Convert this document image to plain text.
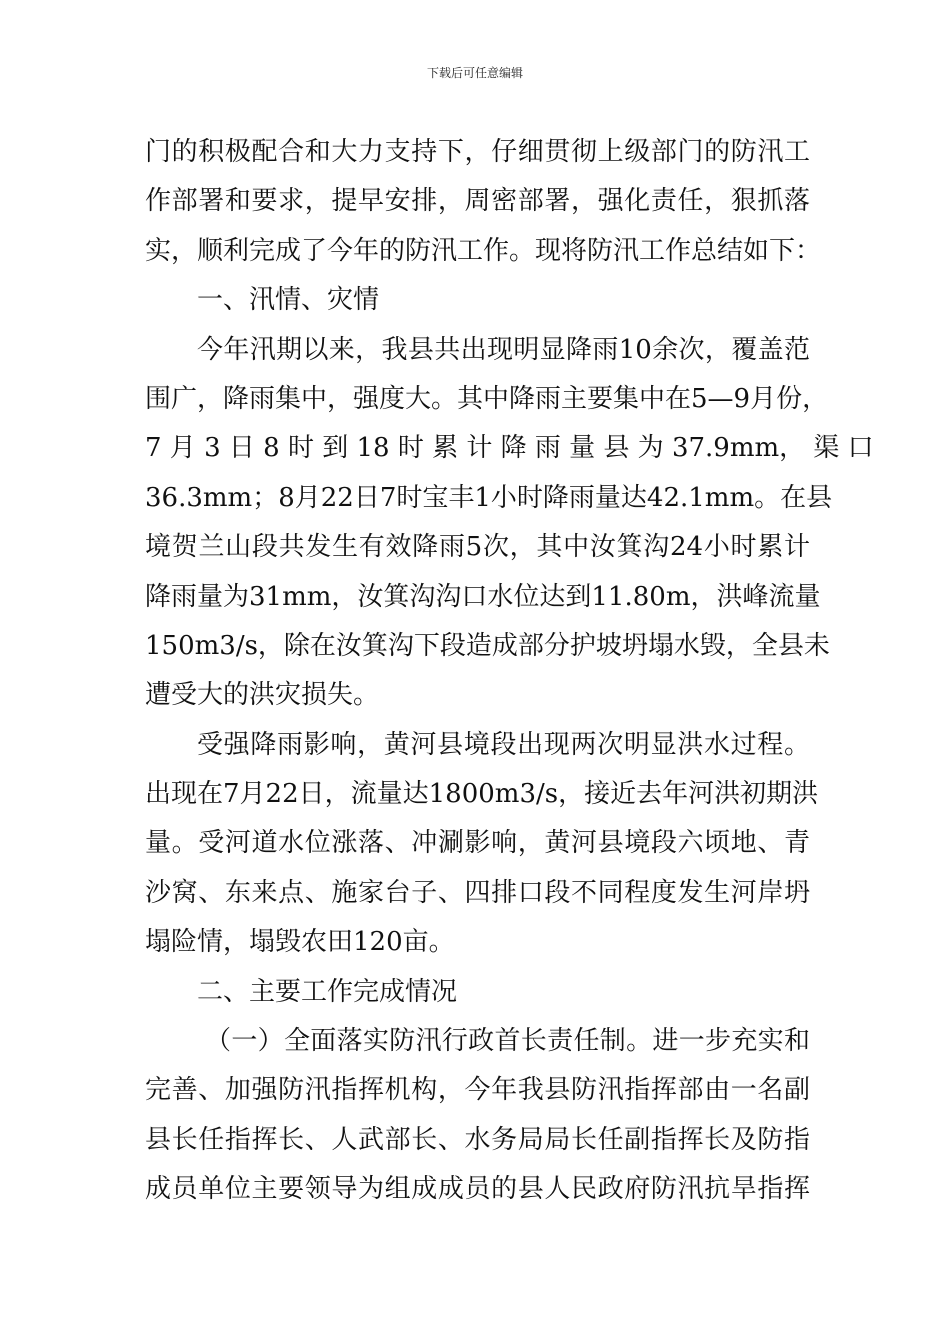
下载后可任意编辑
门的积极配合和大力支持下，仔细贯彻上级部门的防汛工
作部署和要求，提早安排，周密部署，强化责任，狠抓落
实，顺利完成了今年的防汛工作。现将防汛工作总结如下：
一、汛情、灾情
今年汛期以来，我县共出现明显降雨10余次，覆盖范
围广，降雨集中，强度大。其中降雨主要集中在5—9月份，
7 月 3 日 8 时 到 18 时 累 计 降 雨 量 县 为 37.9mm， 渠 口
36.3mm；8月22日7时宝丰1小时降雨量达42.1mm。在县
境贺兰山段共发生有效降雨5次，其中汝箕沟24小时累计
降雨量为31mm，汝箕沟沟口水位达到11.80m，洪峰流量
150m3/s，除在汝箕沟下段造成部分护坡坍塌水毁，全县未
遭受大的洪灾损失。
受强降雨影响，黄河县境段出现两次明显洪水过程。
出现在7月22日，流量达1800m3/s，接近去年河洪初期洪
量。受河道水位涨落、冲涮影响，黄河县境段六顷地、青
沙窝、东来点、施家台子、四排口段不同程度发生河岸坍
塌险情，塌毁农田120亩。
二、主要工作完成情况
（一）全面落实防汛行政首长责任制。进一步充实和
完善、加强防汛指挥机构，今年我县防汛指挥部由一名副
县长任指挥长、人武部长、水务局局长任副指挥长及防指
成员单位主要领导为组成成员的县人民政府防汛抗旱指挥
